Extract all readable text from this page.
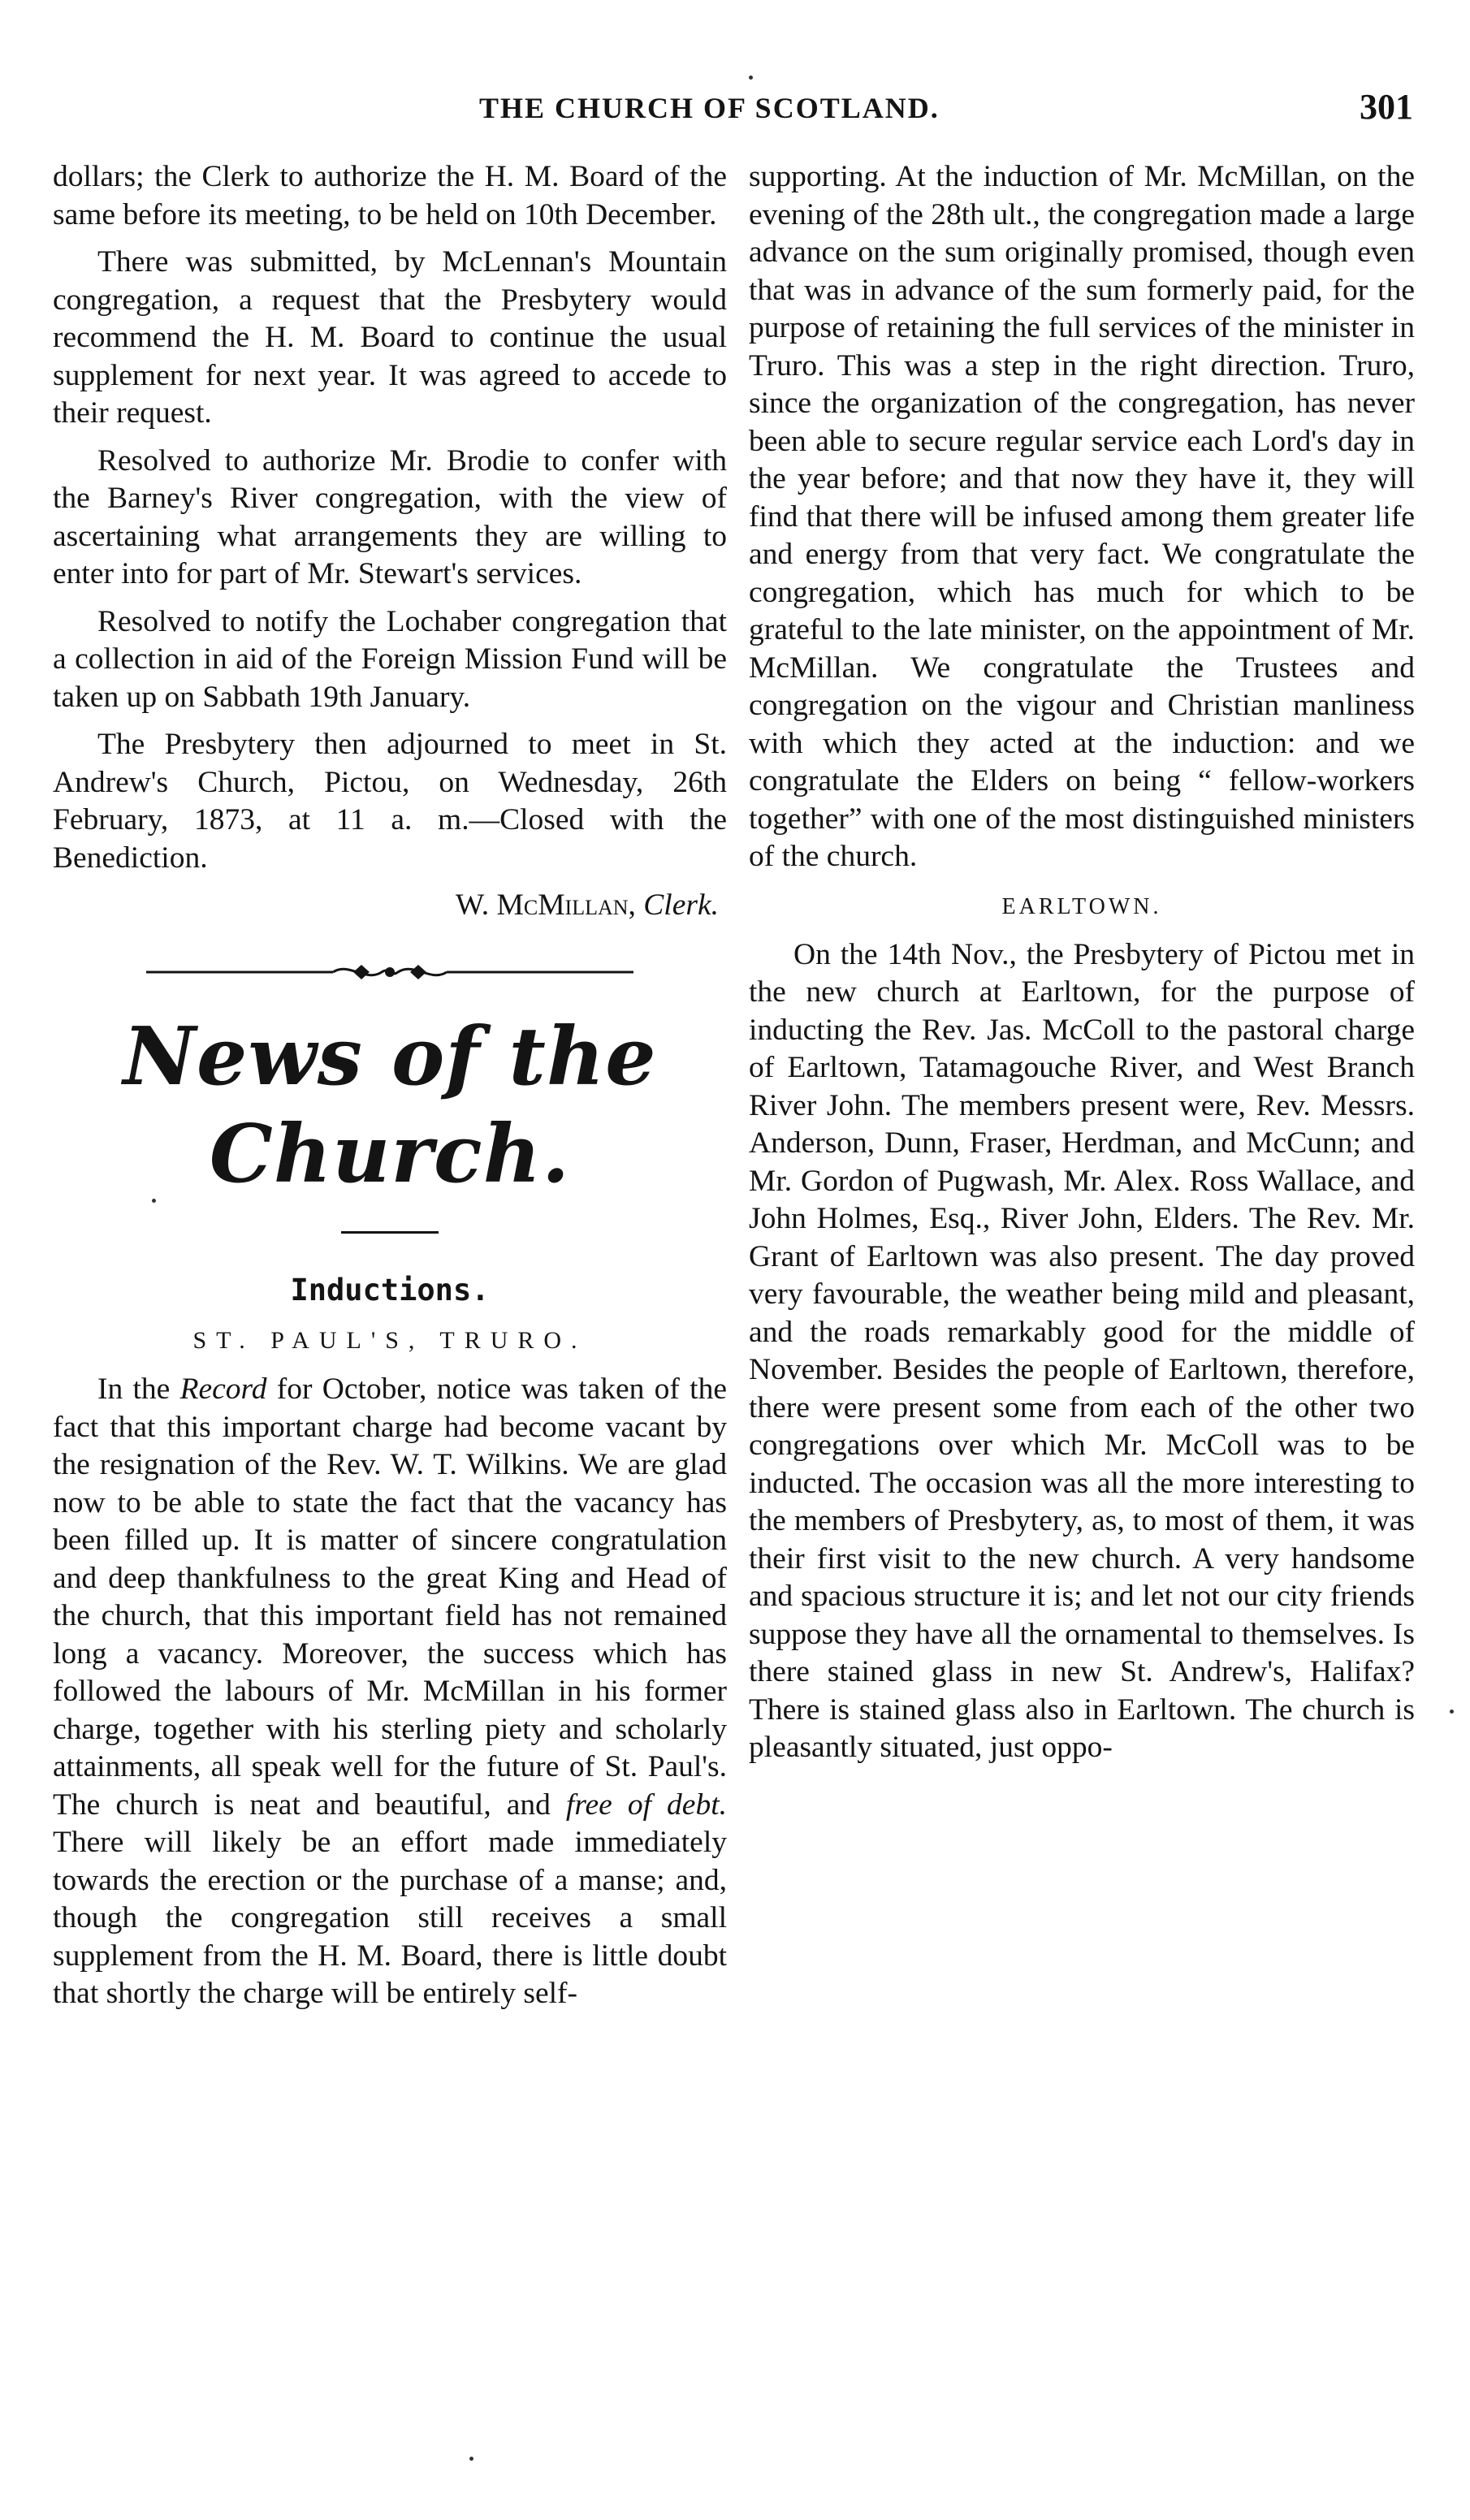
THE CHURCH OF SCOTLAND.	301

dollars; the Clerk to authorize the H. M. Board of the same before its meeting, to be held on 10th December.

There was submitted, by McLennan's Mountain congregation, a request that the Presbytery would recommend the H. M. Board to continue the usual supplement for next year. It was agreed to accede to their request.

Resolved to authorize Mr. Brodie to confer with the Barney's River congregation, with the view of ascertaining what arrangements they are willing to enter into for part of Mr. Stewart's services.

Resolved to notify the Lochaber congregation that a collection in aid of the Foreign Mission Fund will be taken up on Sabbath 19th January.

The Presbytery then adjourned to meet in St. Andrew's Church, Pictou, on Wednesday, 26th February, 1873, at 11 a. m.—Closed with the Benediction.

W. McMillan, Clerk.
News of the Church.
Inductions.
ST. PAUL'S, TRURO.

In the Record for October, notice was taken of the fact that this important charge had become vacant by the resignation of the Rev. W. T. Wilkins. We are glad now to be able to state the fact that the vacancy has been filled up. It is matter of sincere congratulation and deep thankfulness to the great King and Head of the church, that this important field has not remained long a vacancy. Moreover, the success which has followed the labours of Mr. McMillan in his former charge, together with his sterling piety and scholarly attainments, all speak well for the future of St. Paul's. The church is neat and beautiful, and free of debt. There will likely be an effort made immediately towards the erection or the purchase of a manse; and, though the congregation still receives a small supplement from the H. M. Board, there is little doubt that shortly the charge will be entirely self-

supporting. At the induction of Mr. McMillan, on the evening of the 28th ult., the congregation made a large advance on the sum originally promised, though even that was in advance of the sum formerly paid, for the purpose of retaining the full services of the minister in Truro. This was a step in the right direction. Truro, since the organization of the congregation, has never been able to secure regular service each Lord's day in the year before; and that now they have it, they will find that there will be infused among them greater life and energy from that very fact. We congratulate the congregation, which has much for which to be grateful to the late minister, on the appointment of Mr. McMillan. We congratulate the Trustees and congregation on the vigour and Christian manliness with which they acted at the induction: and we congratulate the Elders on being “ fellow-workers together” with one of the most distinguished ministers of the church.

EARLTOWN.

On the 14th Nov., the Presbytery of Pictou met in the new church at Earltown, for the purpose of inducting the Rev. Jas. McColl to the pastoral charge of Earltown, Tatamagouche River, and West Branch River John. The members present were, Rev. Messrs. Anderson, Dunn, Fraser, Herdman, and McCunn; and Mr. Gordon of Pugwash, Mr. Alex. Ross Wallace, and John Holmes, Esq., River John, Elders. The Rev. Mr. Grant of Earltown was also present. The day proved very favourable, the weather being mild and pleasant, and the roads remarkably good for the middle of November. Besides the people of Earltown, therefore, there were present some from each of the other two congregations over which Mr. McColl was to be inducted. The occasion was all the more interesting to the members of Presbytery, as, to most of them, it was their first visit to the new church. A very handsome and spacious structure it is; and let not our city friends suppose they have all the ornamental to themselves. Is there stained glass in new St. Andrew's, Halifax? There is stained glass also in Earltown. The church is pleasantly situated, just oppo-
